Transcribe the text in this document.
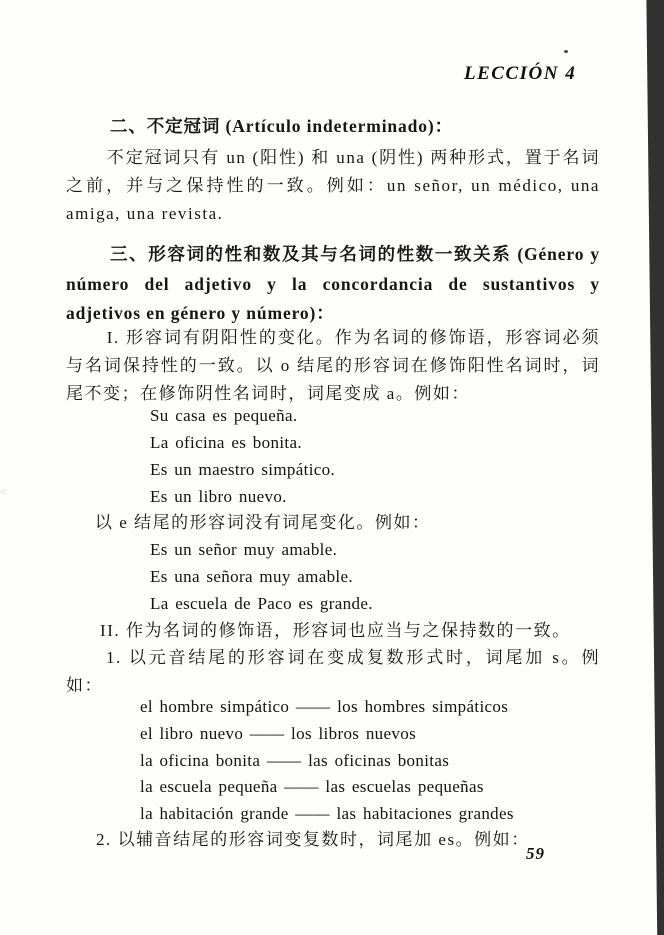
<
LECCIÓN 4
二、不定冠词 (Artículo indeterminado)：
不定冠词只有 un (阳性) 和 una (阴性) 两种形式，置于名词之前，并与之保持性的一致。例如：un señor, un médico, una amiga, una revista.
三、形容词的性和数及其与名词的性数一致关系 (Género y número del adjetivo y la concordancia de sustantivos y adjetivos en género y número)：
I. 形容词有阴阳性的变化。作为名词的修饰语，形容词必须与名词保持性的一致。以 o 结尾的形容词在修饰阳性名词时，词尾不变；在修饰阴性名词时，词尾变成 a。例如：
Su casa es pequeña.
La oficina es bonita.
Es un maestro simpático.
Es un libro nuevo.
以 e 结尾的形容词没有词尾变化。例如：
Es un señor muy amable.
Es una señora muy amable.
La escuela de Paco es grande.
II. 作为名词的修饰语，形容词也应当与之保持数的一致。
1. 以元音结尾的形容词在变成复数形式时，词尾加 s。例如：
el hombre simpático —— los hombres simpáticos
el libro nuevo —— los libros nuevos
la oficina bonita —— las oficinas bonitas
la escuela pequeña —— las escuelas pequeñas
la habitación grande —— las habitaciones grandes
2. 以辅音结尾的形容词变复数时，词尾加 es。例如：
59
